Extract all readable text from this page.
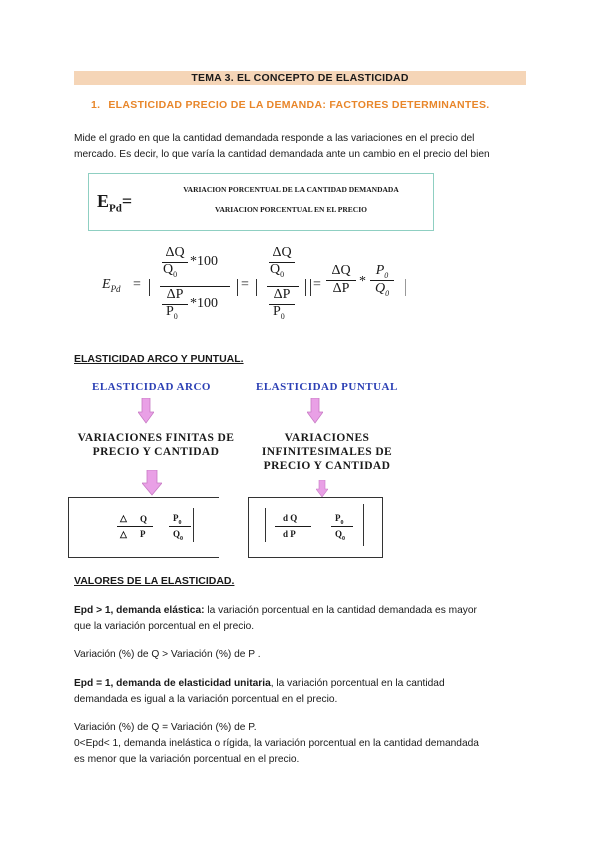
TEMA 3. EL CONCEPTO DE ELASTICIDAD
1. ELASTICIDAD PRECIO DE LA DEMANDA: FACTORES DETERMINANTES.
Mide el grado en que la cantidad demandada responde a las variaciones en el precio del
mercado. Es decir, lo que varía la cantidad demandada ante un cambio en el precio del bien
$E_{Pd}=$
VARIACION PORCENTUAL DE LA CANTIDAD DEMANDADA
VARIACION PORCENTUAL EN EL PRECIO
$E_{Pd}$ =
ΔQ
$Q_0$
*100
ΔP
$P_0$
*100
=
ΔQ
$Q_0$
ΔP
$P_0$
=
ΔQ
ΔP *
$P_0$
$Q_0$
ELASTICIDAD ARCO Y PUNTUAL.
ELASTICIDAD ARCO
VARIACIONES FINITAS DE
PRECIO Y CANTIDAD
△ Q
△ P
$P_0$
$Q_0$
ELASTICIDAD PUNTUAL
VARIACIONES
INFINITESIMALES DE
PRECIO Y CANTIDAD
d Q
d P
$P_0$
$Q_0$
VALORES DE LA ELASTICIDAD.
Epd > 1, demanda elástica: la variación porcentual en la cantidad demandada es mayor
que la variación porcentual en el precio.
Variación (%) de Q > Variación (%) de P .
Epd = 1, demanda de elasticidad unitaria, la variación porcentual en la cantidad
demandada es igual a la variación porcentual en el precio.
Variación (%) de Q = Variación (%) de P.
0<Epd< 1, demanda inelástica o rígida, la variación porcentual en la cantidad demandada
es menor que la variación porcentual en el precio.
